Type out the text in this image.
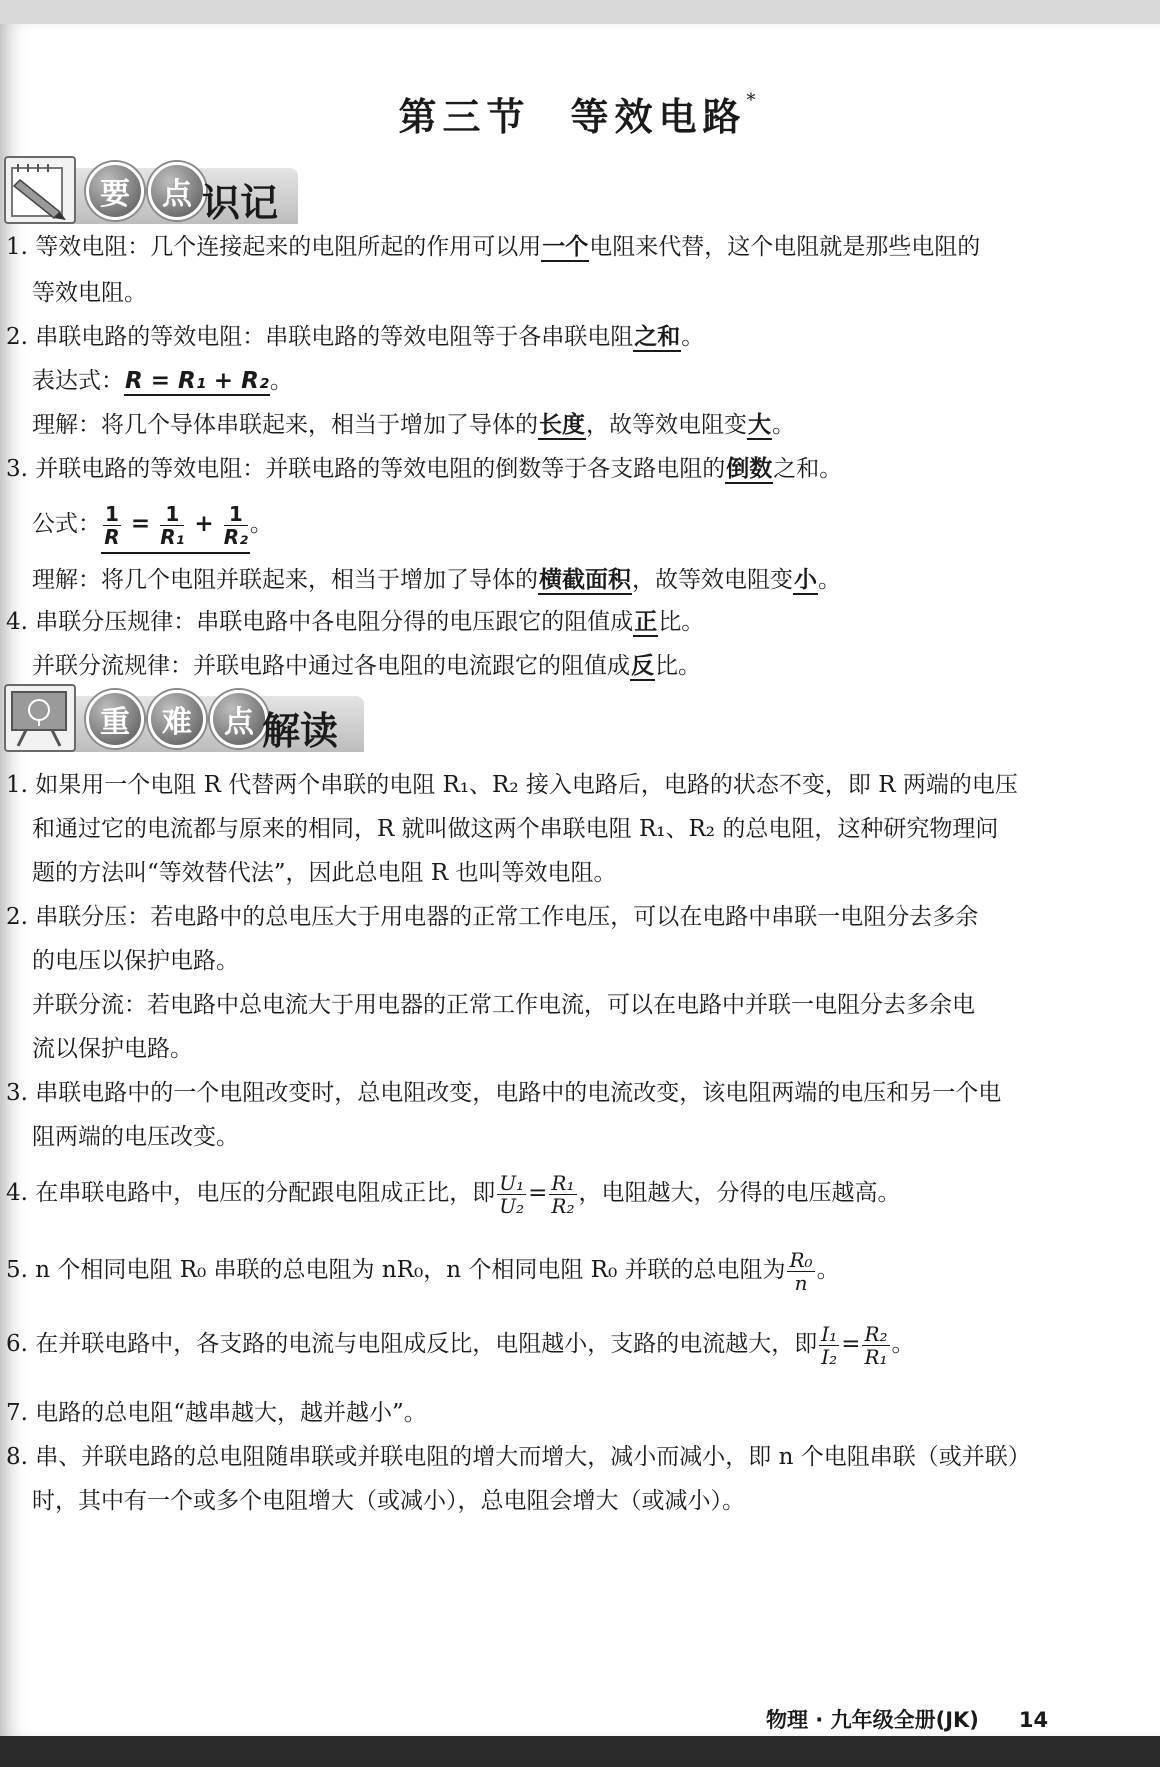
第三节 等效电路*
要	点 识记
1. 等效电阻：几个连接起来的电阻所起的作用可以用一个电阻来代替，这个电阻就是那些电阻的
等效电阻。
2. 串联电路的等效电阻：串联电路的等效电阻等于各串联电阻之和。
表达式：R = R₁ + R₂。
理解：将几个导体串联起来，相当于增加了导体的长度，故等效电阻变大。
3. 并联电路的等效电阻：并联电路的等效电阻的倒数等于各支路电阻的倒数之和。
公式： $\frac{1}{R} = \frac{1}{\text{R₁}} + \frac{1}{\text{R₂}}$ 。
理解：将几个电阻并联起来，相当于增加了导体的横截面积，故等效电阻变小。
4. 串联分压规律：串联电路中各电阻分得的电压跟它的阻值成正比。
并联分流规律：并联电路中通过各电阻的电流跟它的阻值成反比。
重	难	点 解读
1. 如果用一个电阻 R 代替两个串联的电阻 R₁、R₂ 接入电路后，电路的状态不变，即 R 两端的电压
和通过它的电流都与原来的相同，R 就叫做这两个串联电阻 R₁、R₂ 的总电阻，这种研究物理问
题的方法叫“等效替代法”，因此总电阻 R 也叫等效电阻。
2. 串联分压：若电路中的总电压大于用电器的正常工作电压，可以在电路中串联一电阻分去多余
的电压以保护电路。
并联分流：若电路中总电流大于用电器的正常工作电流，可以在电路中并联一电阻分去多余电
流以保护电路。
3. 串联电路中的一个电阻改变时，总电阻改变，电路中的电流改变，该电阻两端的电压和另一个电
阻两端的电压改变。
4. 在串联电路中，电压的分配跟电阻成正比，即 $\frac{\text{U₁}}{\text{U₂}} = \frac{\text{R₁}}{\text{R₂}}$ ，电阻越大，分得的电压越高。
5. n 个相同电阻 R₀ 串联的总电阻为 nR₀，n 个相同电阻 R₀ 并联的总电阻为 $\frac{\text{R₀}}{n}$ 。
6. 在并联电路中，各支路的电流与电阻成反比，电阻越小，支路的电流越大，即 $\frac{\text{I₁}}{\text{I₂}} = \frac{\text{R₂}}{\text{R₁}}$ 。
7. 电路的总电阻“越串越大，越并越小”。
8. 串、并联电路的总电阻随串联或并联电阻的增大而增大，减小而减小，即 n 个电阻串联（或并联）
时，其中有一个或多个电阻增大（或减小），总电阻会增大（或减小）。
物理 · 九年级全册(JK) 14
